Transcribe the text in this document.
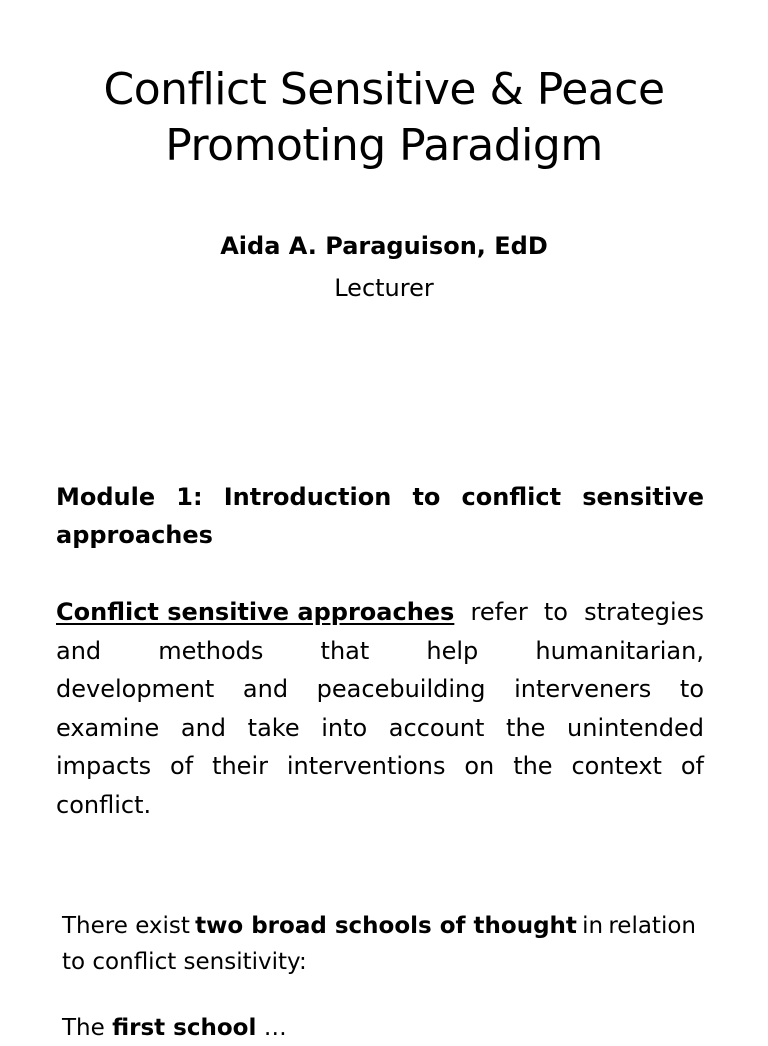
Conflict Sensitive & Peace
Promoting Paradigm
Aida A. Paraguison, EdD
Lecturer
Module 1: Introduction to conflict sensitive
approaches
Conflict sensitive approaches refer to strategies
and methods that help humanitarian,
development and peacebuilding interveners to
examine and take into account the unintended
impacts of their interventions on the context of
conflict.
There exist two broad schools of thought in relation
to conflict sensitivity:
The first school …
